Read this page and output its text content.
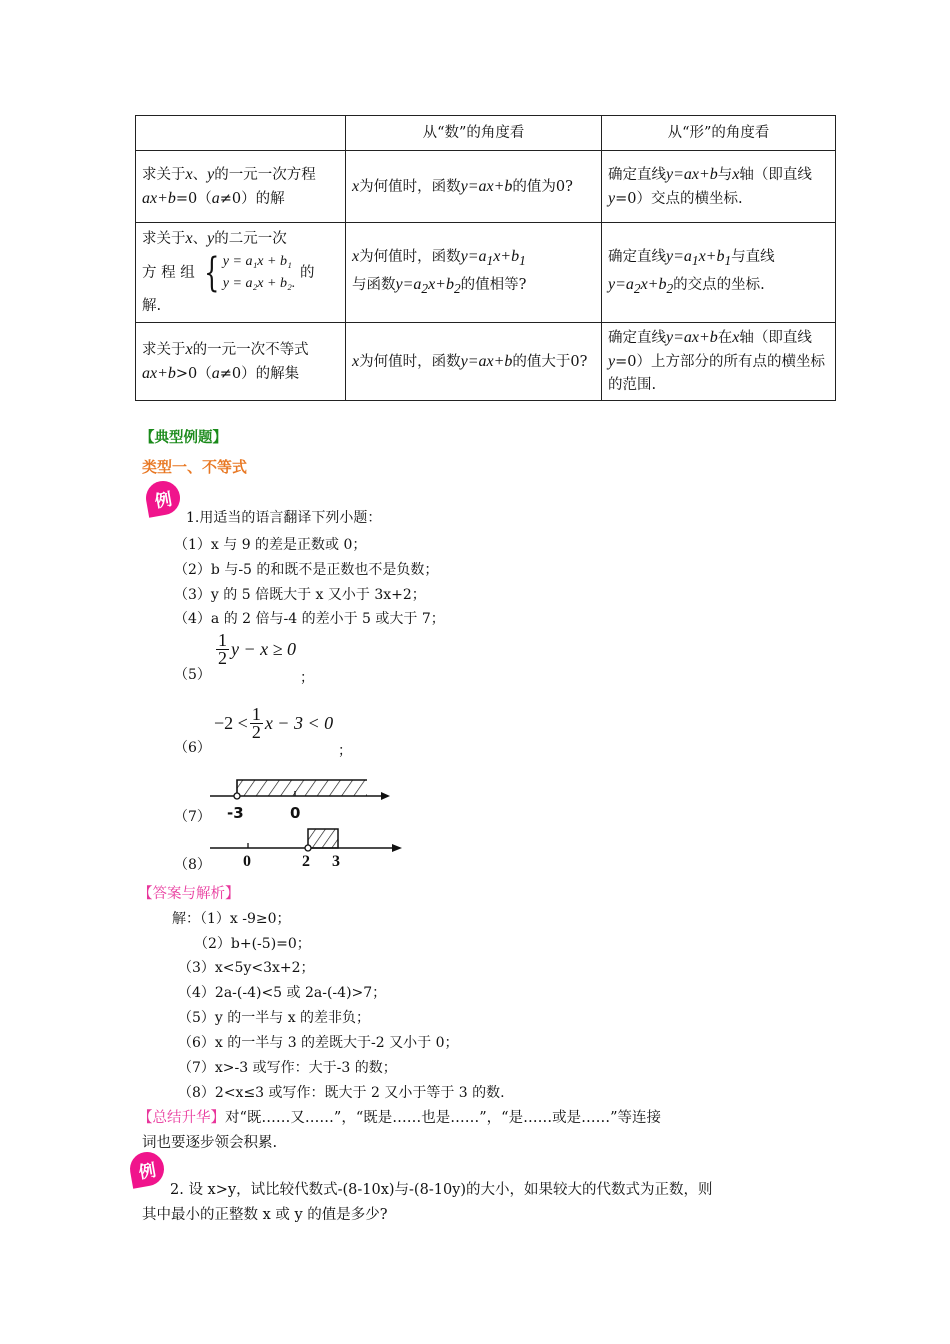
	从“数”的角度看	从“形”的角度看
求关于x、y的一元一次方程ax+b=0（a≠0）的解	x为何值时，函数y=ax+b的值为0?	确定直线y=ax+b与x轴（即直线y=0）交点的横坐标.
求关于x、y的二元一次
方 程 组 { y = a₁x + b₁
y = a₂x + b₂.
的
解.	x为何值时，函数$y=a_1x+b_1$
与函数$y=a_2x+b_2$的值相等?	确定直线$y=a_1x+b_1$与直线
$y=a_2x+b_2$的交点的坐标.
求关于x的一元一次不等式ax+b>0（a≠0）的解集	x为何值时，函数y=ax+b的值大于0?	确定直线y=ax+b在x轴（即直线y=0）上方部分的所有点的横坐标的范围.
【典型例题】
类型一、不等式
例
1.用适当的语言翻译下列小题：
（1）x 与 9 的差是正数或 0；
（2）b 与-5 的和既不是正数也不是负数；
（3）y 的 5 倍既大于 x 又小于 3x+2；
（4）a 的 2 倍与-4 的差小于 5 或大于 7；
（5）
$\frac{1}{2}$ y − x ≥ 0
；
（6）
$-2 < \frac{1}{2}$ x − 3 < 0
；
（7） -3	0
（8） 0	2 3
【答案与解析】
解：（1）x -9≥0；
（2）b+(-5)=0；
（3）x<5y<3x+2；
（4）2a-(-4)<5 或 2a-(-4)>7；
（5）y 的一半与 x 的差非负；
（6）x 的一半与 3 的差既大于-2 又小于 0；
（7）x>-3 或写作：大于-3 的数；
（8）2<x≤3 或写作：既大于 2 又小于等于 3 的数.
【总结升华】对“既……又……”，“既是……也是……”，“是……或是……”等连接
词也要逐步领会积累.
例
2. 设 x>y，试比较代数式-(8-10x)与-(8-10y)的大小，如果较大的代数式为正数，则
其中最小的正整数 x 或 y 的值是多少?
